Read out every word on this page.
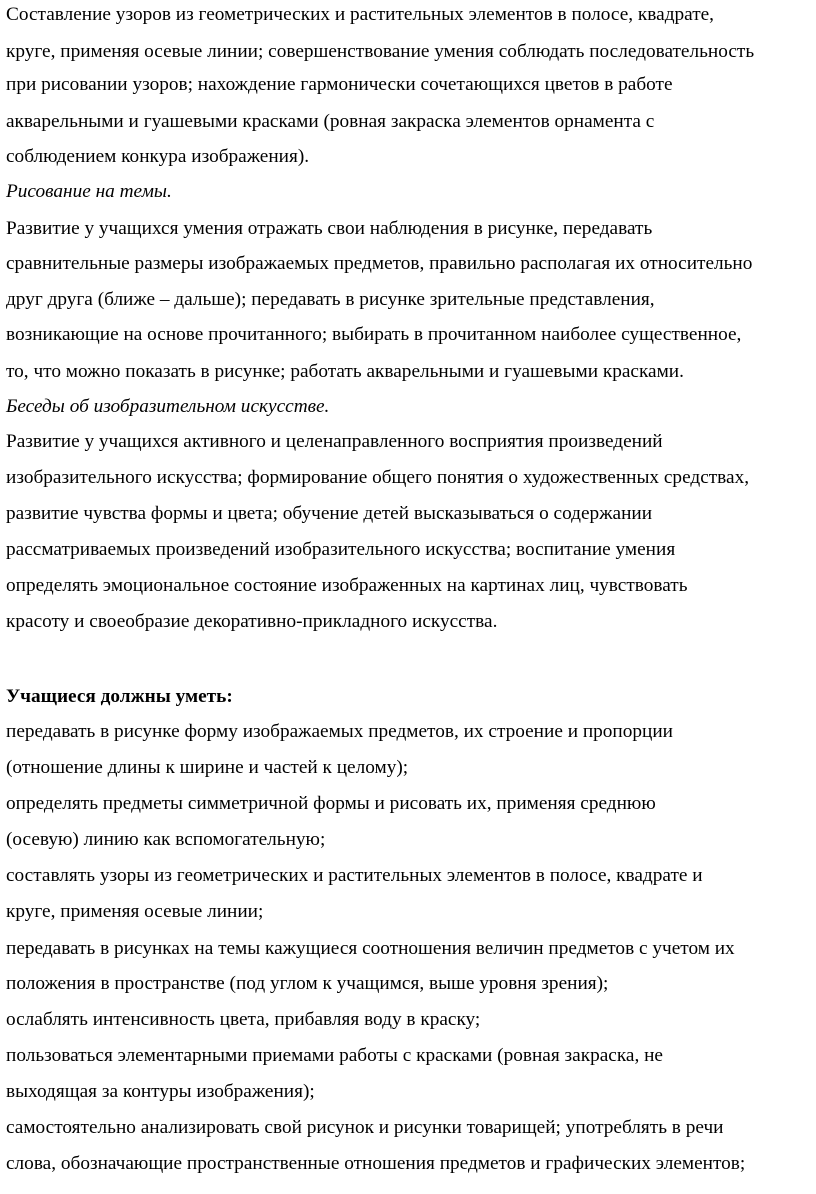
Составление узоров из геометрических и растительных элементов в полосе, квадрате,
круге, применяя осевые линии; совершенствование умения соблюдать последовательность
при рисовании узоров; нахождение гармонически сочетающихся цветов в работе
акварельными и гуашевыми красками (ровная закраска элементов орнамента с
соблюдением конкура изображения).
Рисование на темы.
Развитие у учащихся умения отражать свои наблюдения в рисунке, передавать
сравнительные размеры изображаемых предметов, правильно располагая их относительно
друг друга (ближе – дальше); передавать в рисунке зрительные представления,
возникающие на основе прочитанного; выбирать в прочитанном наиболее существенное,
то, что можно показать в рисунке; работать акварельными и гуашевыми красками.
Беседы об изобразительном искусстве.
Развитие у учащихся активного и целенаправленного восприятия произведений
изобразительного искусства; формирование общего понятия о художественных средствах,
развитие чувства формы и цвета; обучение детей высказываться о содержании
рассматриваемых произведений изобразительного искусства; воспитание умения
определять эмоциональное состояние изображенных на картинах лиц, чувствовать
красоту и своеобразие декоративно-прикладного искусства.
Учащиеся должны уметь:
передавать в рисунке форму изображаемых предметов, их строение и пропорции
(отношение длины к ширине и частей к целому);
определять предметы симметричной формы и рисовать их, применяя среднюю
(осевую) линию как вспомогательную;
составлять узоры из геометрических и растительных элементов в полосе, квадрате и
круге, применяя осевые линии;
передавать в рисунках на темы кажущиеся соотношения величин предметов с учетом их
положения в пространстве (под углом к учащимся, выше уровня зрения);
ослаблять интенсивность цвета, прибавляя воду в краску;
пользоваться элементарными приемами работы с красками (ровная закраска, не
выходящая за контуры изображения);
самостоятельно анализировать свой рисунок и рисунки товарищей; употреблять в речи
слова, обозначающие пространственные отношения предметов и графических элементов;
